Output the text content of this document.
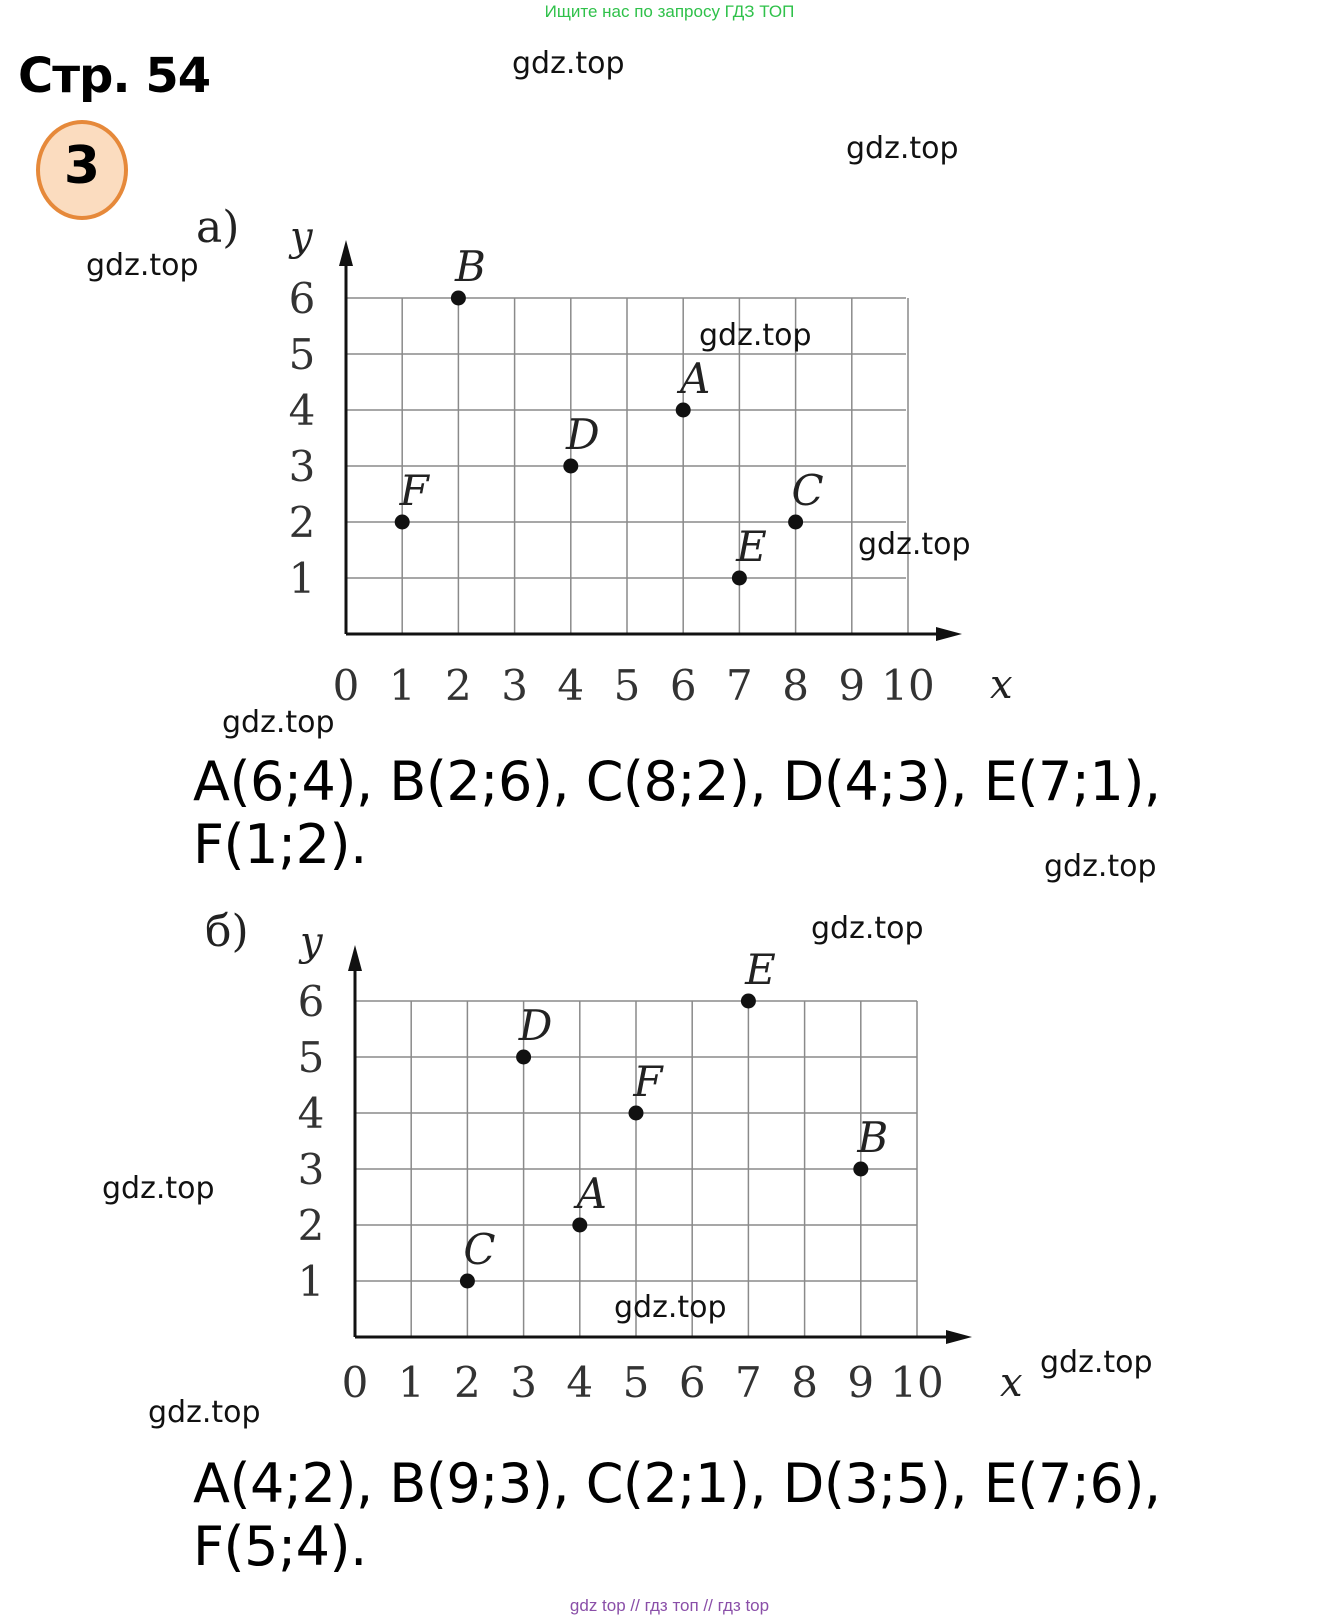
Ищите нас по запросу ГДЗ ТОП
Стр. 54
3
а) y
x
0 1 2 3 4 5 6 7 8 9 10
1
2
3
4
5
6
A
B
C
D
E
F
б) y
x
0 1 2 3 4 5 6 7 8 9 10
1
2
3
4
5
6
A
B
C
D
E
F
gdz.top
gdz.top
gdz.top
gdz.top
gdz.top
gdz.top
gdz.top
gdz.top
gdz.top
gdz.top
gdz.top
gdz.top
A(6;4), B(2;6), C(8;2), D(4;3), E(7;1), F(1;2).
A(4;2), B(9;3), C(2;1), D(3;5), E(7;6), F(5;4).
gdz top // гдз топ // гдз top
